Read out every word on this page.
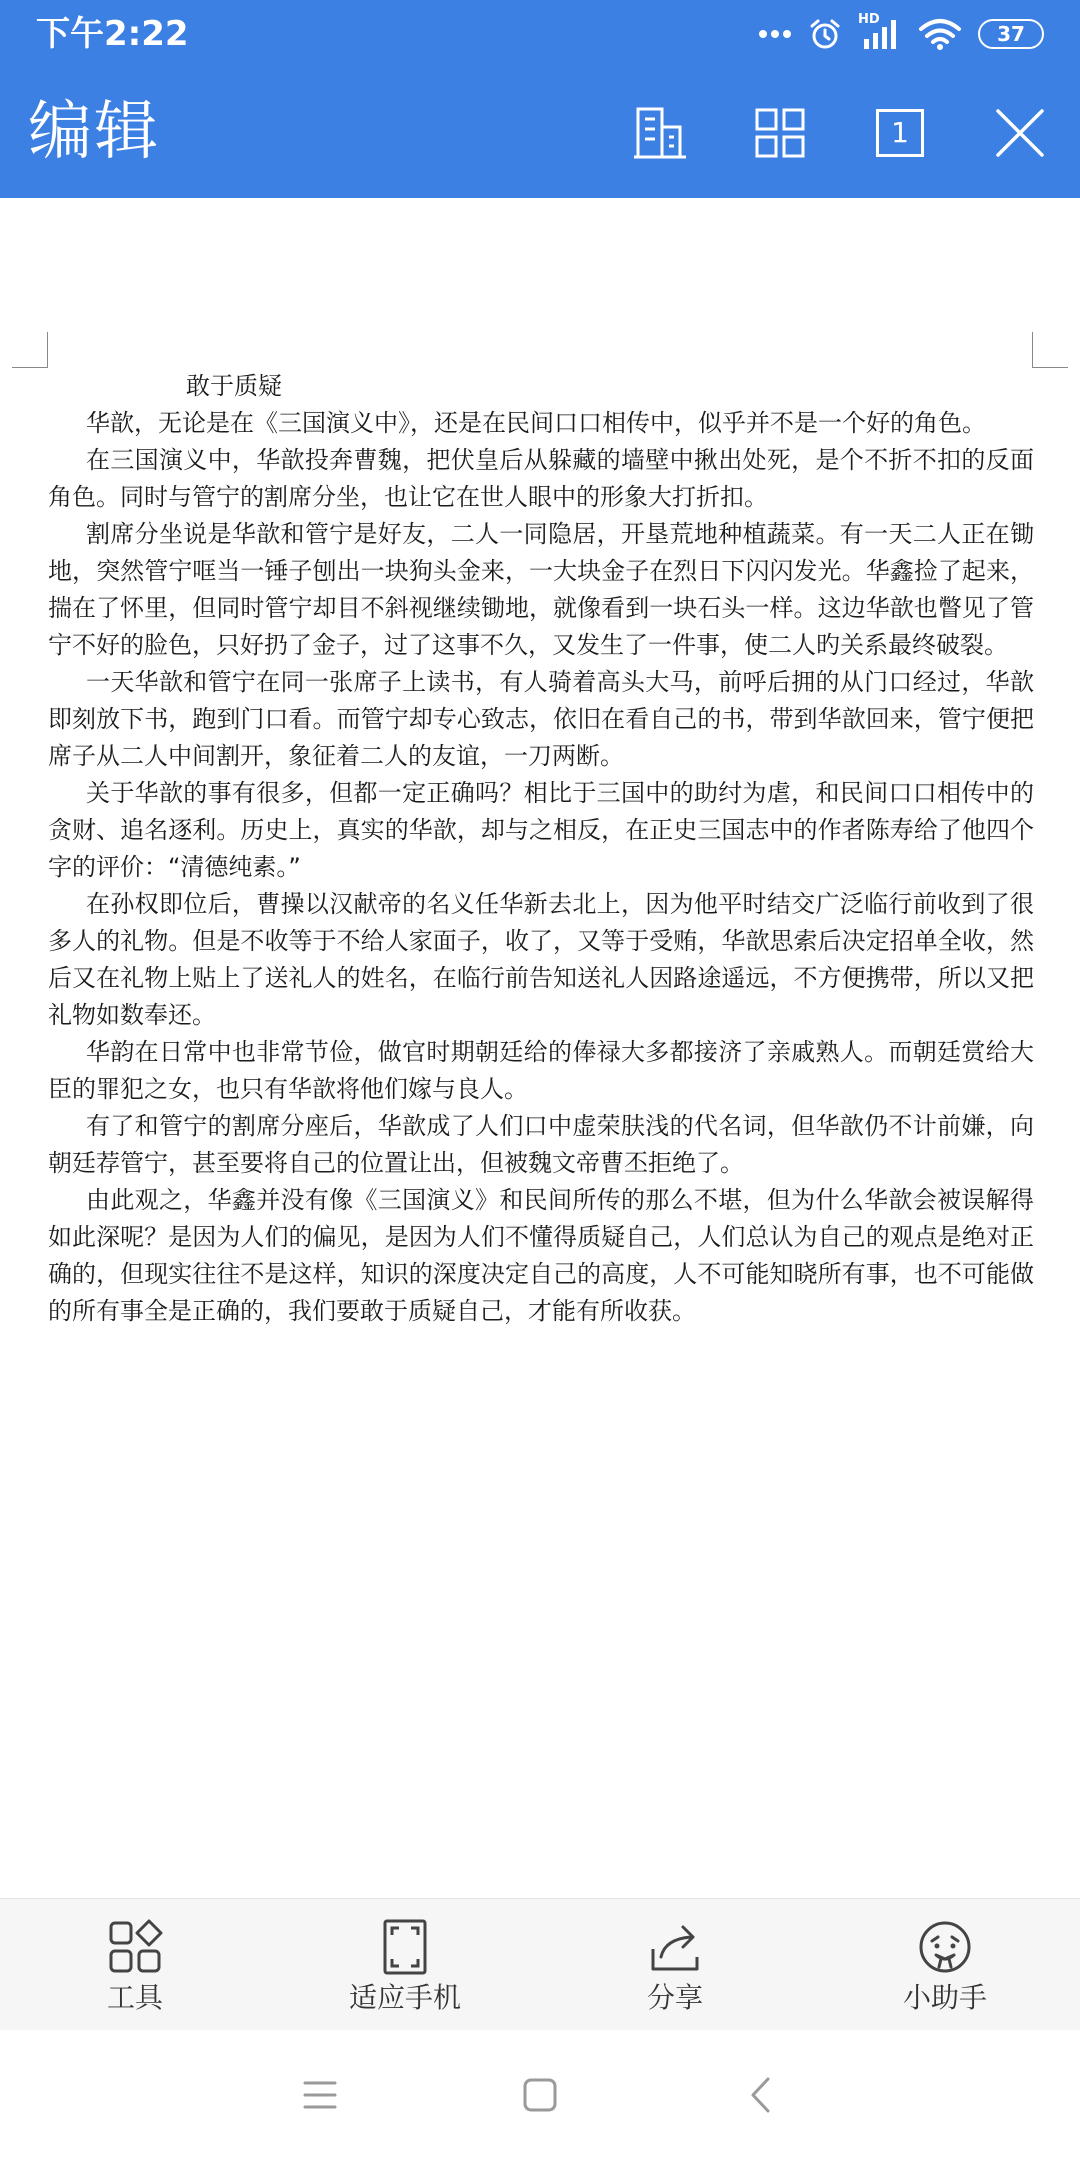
下午2:22	HD
37
编辑	1

敢于质疑

华歆，无论是在《三国演义中》，还是在民间口口相传中，似乎并不是一个好的角色。

在三国演义中，华歆投奔曹魏，把伏皇后从躲藏的墙壁中揪出处死，是个不折不扣的反面角色。同时与管宁的割席分坐，也让它在世人眼中的形象大打折扣。

割席分坐说是华歆和管宁是好友，二人一同隐居，开垦荒地种植蔬菜。有一天二人正在锄地，突然管宁哐当一锤子刨出一块狗头金来，一大块金子在烈日下闪闪发光。华鑫捡了起来，揣在了怀里，但同时管宁却目不斜视继续锄地，就像看到一块石头一样。这边华歆也瞥见了管宁不好的脸色，只好扔了金子，过了这事不久，又发生了一件事，使二人旳关系最终破裂。

一天华歆和管宁在同一张席子上读书，有人骑着高头大马，前呼后拥的从门口经过，华歆即刻放下书，跑到门口看。而管宁却专心致志，依旧在看自己的书，带到华歆回来，管宁便把席子从二人中间割开，象征着二人的友谊，一刀两断。

关于华歆的事有很多，但都一定正确吗？相比于三国中的助纣为虐，和民间口口相传中的贪财、追名逐利。历史上，真实的华歆，却与之相反，在正史三国志中的作者陈寿给了他四个字的评价：“清德纯素。”

在孙权即位后，曹操以汉献帝的名义任华新去北上，因为他平时结交广泛临行前收到了很多人的礼物。但是不收等于不给人家面子，收了，又等于受贿，华歆思索后决定招单全收，然后又在礼物上贴上了送礼人的姓名，在临行前告知送礼人因路途遥远，不方便携带，所以又把礼物如数奉还。

华韵在日常中也非常节俭，做官时期朝廷给的俸禄大多都接济了亲戚熟人。而朝廷赏给大臣的罪犯之女，也只有华歆将他们嫁与良人。

有了和管宁的割席分座后，华歆成了人们口中虚荣肤浅的代名词，但华歆仍不计前嫌，向朝廷荐管宁，甚至要将自己的位置让出，但被魏文帝曹丕拒绝了。

由此观之，华鑫并没有像《三国演义》和民间所传的那么不堪，但为什么华歆会被误解得如此深呢？是因为人们的偏见，是因为人们不懂得质疑自己，人们总认为自己的观点是绝对正确的，但现实往往不是这样，知识的深度决定自己的高度，人不可能知晓所有事，也不可能做的所有事全是正确的，我们要敢于质疑自己，才能有所收获。

工具	适应手机	分享	小助手
